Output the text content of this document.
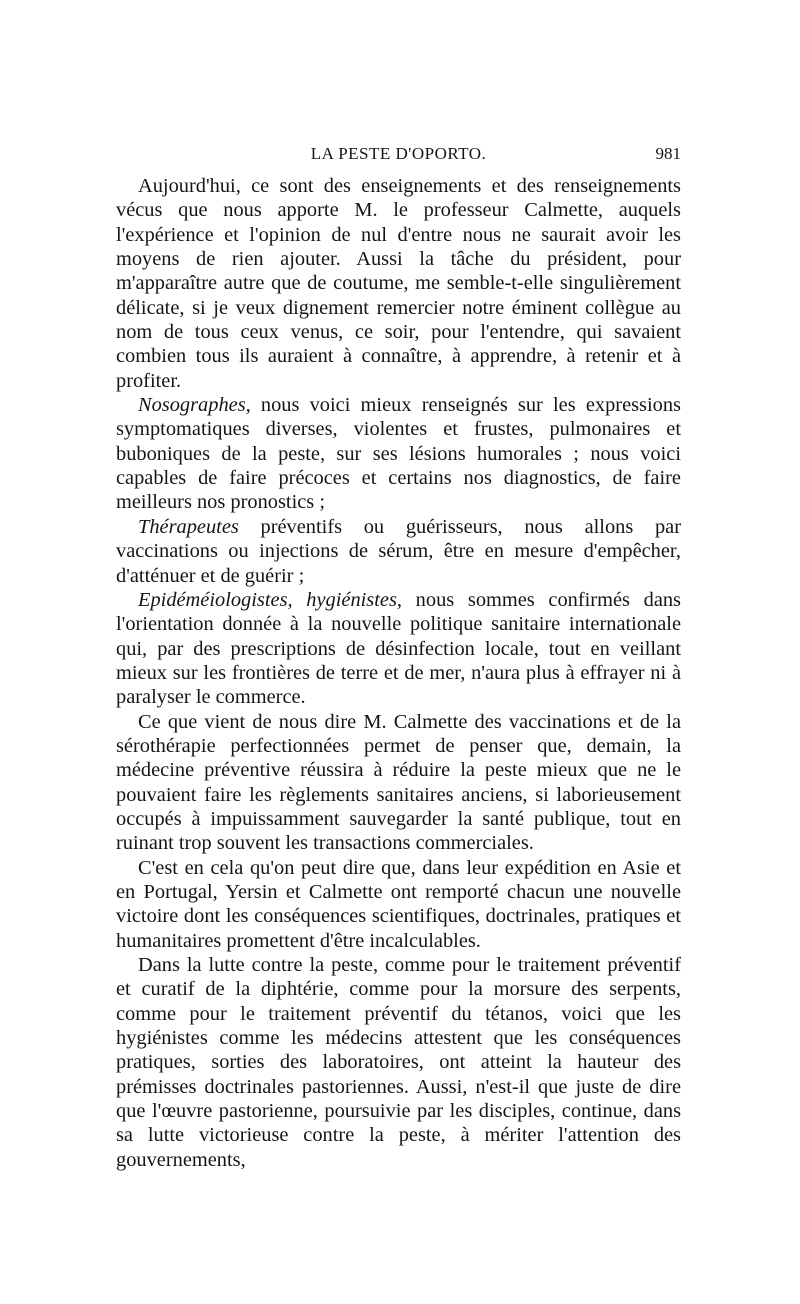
LA PESTE D'OPORTO.	981

Aujourd'hui, ce sont des enseignements et des renseignements vécus que nous apporte M. le professeur Calmette, auquels l'expérience et l'opinion de nul d'entre nous ne saurait avoir les moyens de rien ajouter. Aussi la tâche du président, pour m'apparaître autre que de coutume, me semble-t-elle singulièrement délicate, si je veux dignement remercier notre éminent collègue au nom de tous ceux venus, ce soir, pour l'entendre, qui savaient combien tous ils auraient à connaître, à apprendre, à retenir et à profiter.

Nosographes, nous voici mieux renseignés sur les expressions symptomatiques diverses, violentes et frustes, pulmonaires et buboniques de la peste, sur ses lésions humorales ; nous voici capables de faire précoces et certains nos diagnostics, de faire meilleurs nos pronostics ;

Thérapeutes préventifs ou guérisseurs, nous allons par vaccinations ou injections de sérum, être en mesure d'empêcher, d'atténuer et de guérir ;

Epidéméiologistes, hygiénistes, nous sommes confirmés dans l'orientation donnée à la nouvelle politique sanitaire internationale qui, par des prescriptions de désinfection locale, tout en veillant mieux sur les frontières de terre et de mer, n'aura plus à effrayer ni à paralyser le commerce.

Ce que vient de nous dire M. Calmette des vaccinations et de la sérothérapie perfectionnées permet de penser que, demain, la médecine préventive réussira à réduire la peste mieux que ne le pouvaient faire les règlements sanitaires anciens, si laborieusement occupés à impuissamment sauvegarder la santé publique, tout en ruinant trop souvent les transactions commerciales.

C'est en cela qu'on peut dire que, dans leur expédition en Asie et en Portugal, Yersin et Calmette ont remporté chacun une nouvelle victoire dont les conséquences scientifiques, doctrinales, pratiques et humanitaires promettent d'être incalculables.

Dans la lutte contre la peste, comme pour le traitement préventif et curatif de la diphtérie, comme pour la morsure des serpents, comme pour le traitement préventif du tétanos, voici que les hygiénistes comme les médecins attestent que les conséquences pratiques, sorties des laboratoires, ont atteint la hauteur des prémisses doctrinales pastoriennes. Aussi, n'est-il que juste de dire que l'œuvre pastorienne, poursuivie par les disciples, continue, dans sa lutte victorieuse contre la peste, à mériter l'attention des gouvernements,
